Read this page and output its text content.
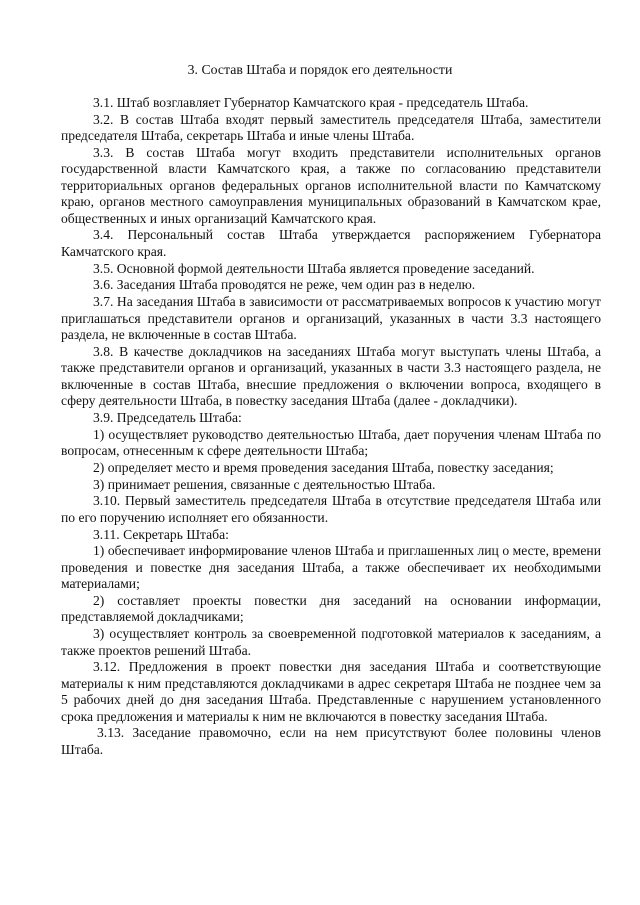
3. Состав Штаба и порядок его деятельности

3.1. Штаб возглавляет Губернатор Камчатского края - председатель Штаба.

3.2. В состав Штаба входят первый заместитель председателя Штаба, заместители председателя Штаба, секретарь Штаба и иные члены Штаба.

3.3. В состав Штаба могут входить представители исполнительных органов государственной власти Камчатского края, а также по согласованию представители территориальных органов федеральных органов исполнительной власти по Камчатскому краю, органов местного самоуправления муниципальных образований в Камчатском крае, общественных и иных организаций Камчатского края.

3.4. Персональный состав Штаба утверждается распоряжением Губернатора Камчатского края.

3.5. Основной формой деятельности Штаба является проведение заседаний.

3.6. Заседания Штаба проводятся не реже, чем один раз в неделю.

3.7. На заседания Штаба в зависимости от рассматриваемых вопросов к участию могут приглашаться представители органов и организаций, указанных в части 3.3 настоящего раздела, не включенные в состав Штаба.

3.8. В качестве докладчиков на заседаниях Штаба могут выступать члены Штаба, а также представители органов и организаций, указанных в части 3.3 настоящего раздела, не включенные в состав Штаба, внесшие предложения о включении вопроса, входящего в сферу деятельности Штаба, в повестку заседания Штаба (далее - докладчики).

3.9. Председатель Штаба:

1) осуществляет руководство деятельностью Штаба, дает поручения членам Штаба по вопросам, отнесенным к сфере деятельности Штаба;

2) определяет место и время проведения заседания Штаба, повестку заседания;

3) принимает решения, связанные с деятельностью Штаба.

3.10. Первый заместитель председателя Штаба в отсутствие председателя Штаба или по его поручению исполняет его обязанности.

3.11. Секретарь Штаба:

1) обеспечивает информирование членов Штаба и приглашенных лиц о месте, времени проведения и повестке дня заседания Штаба, а также обеспечивает их необходимыми материалами;

2) составляет проекты повестки дня заседаний на основании информации, представляемой докладчиками;

3) осуществляет контроль за своевременной подготовкой материалов к заседаниям, а также проектов решений Штаба.

3.12. Предложения в проект повестки дня заседания Штаба и соответствующие материалы к ним представляются докладчиками в адрес секретаря Штаба не позднее чем за 5 рабочих дней до дня заседания Штаба. Представленные с нарушением установленного срока предложения и материалы к ним не включаются в повестку заседания Штаба.

3.13. Заседание правомочно, если на нем присутствуют более половины членов Штаба.
